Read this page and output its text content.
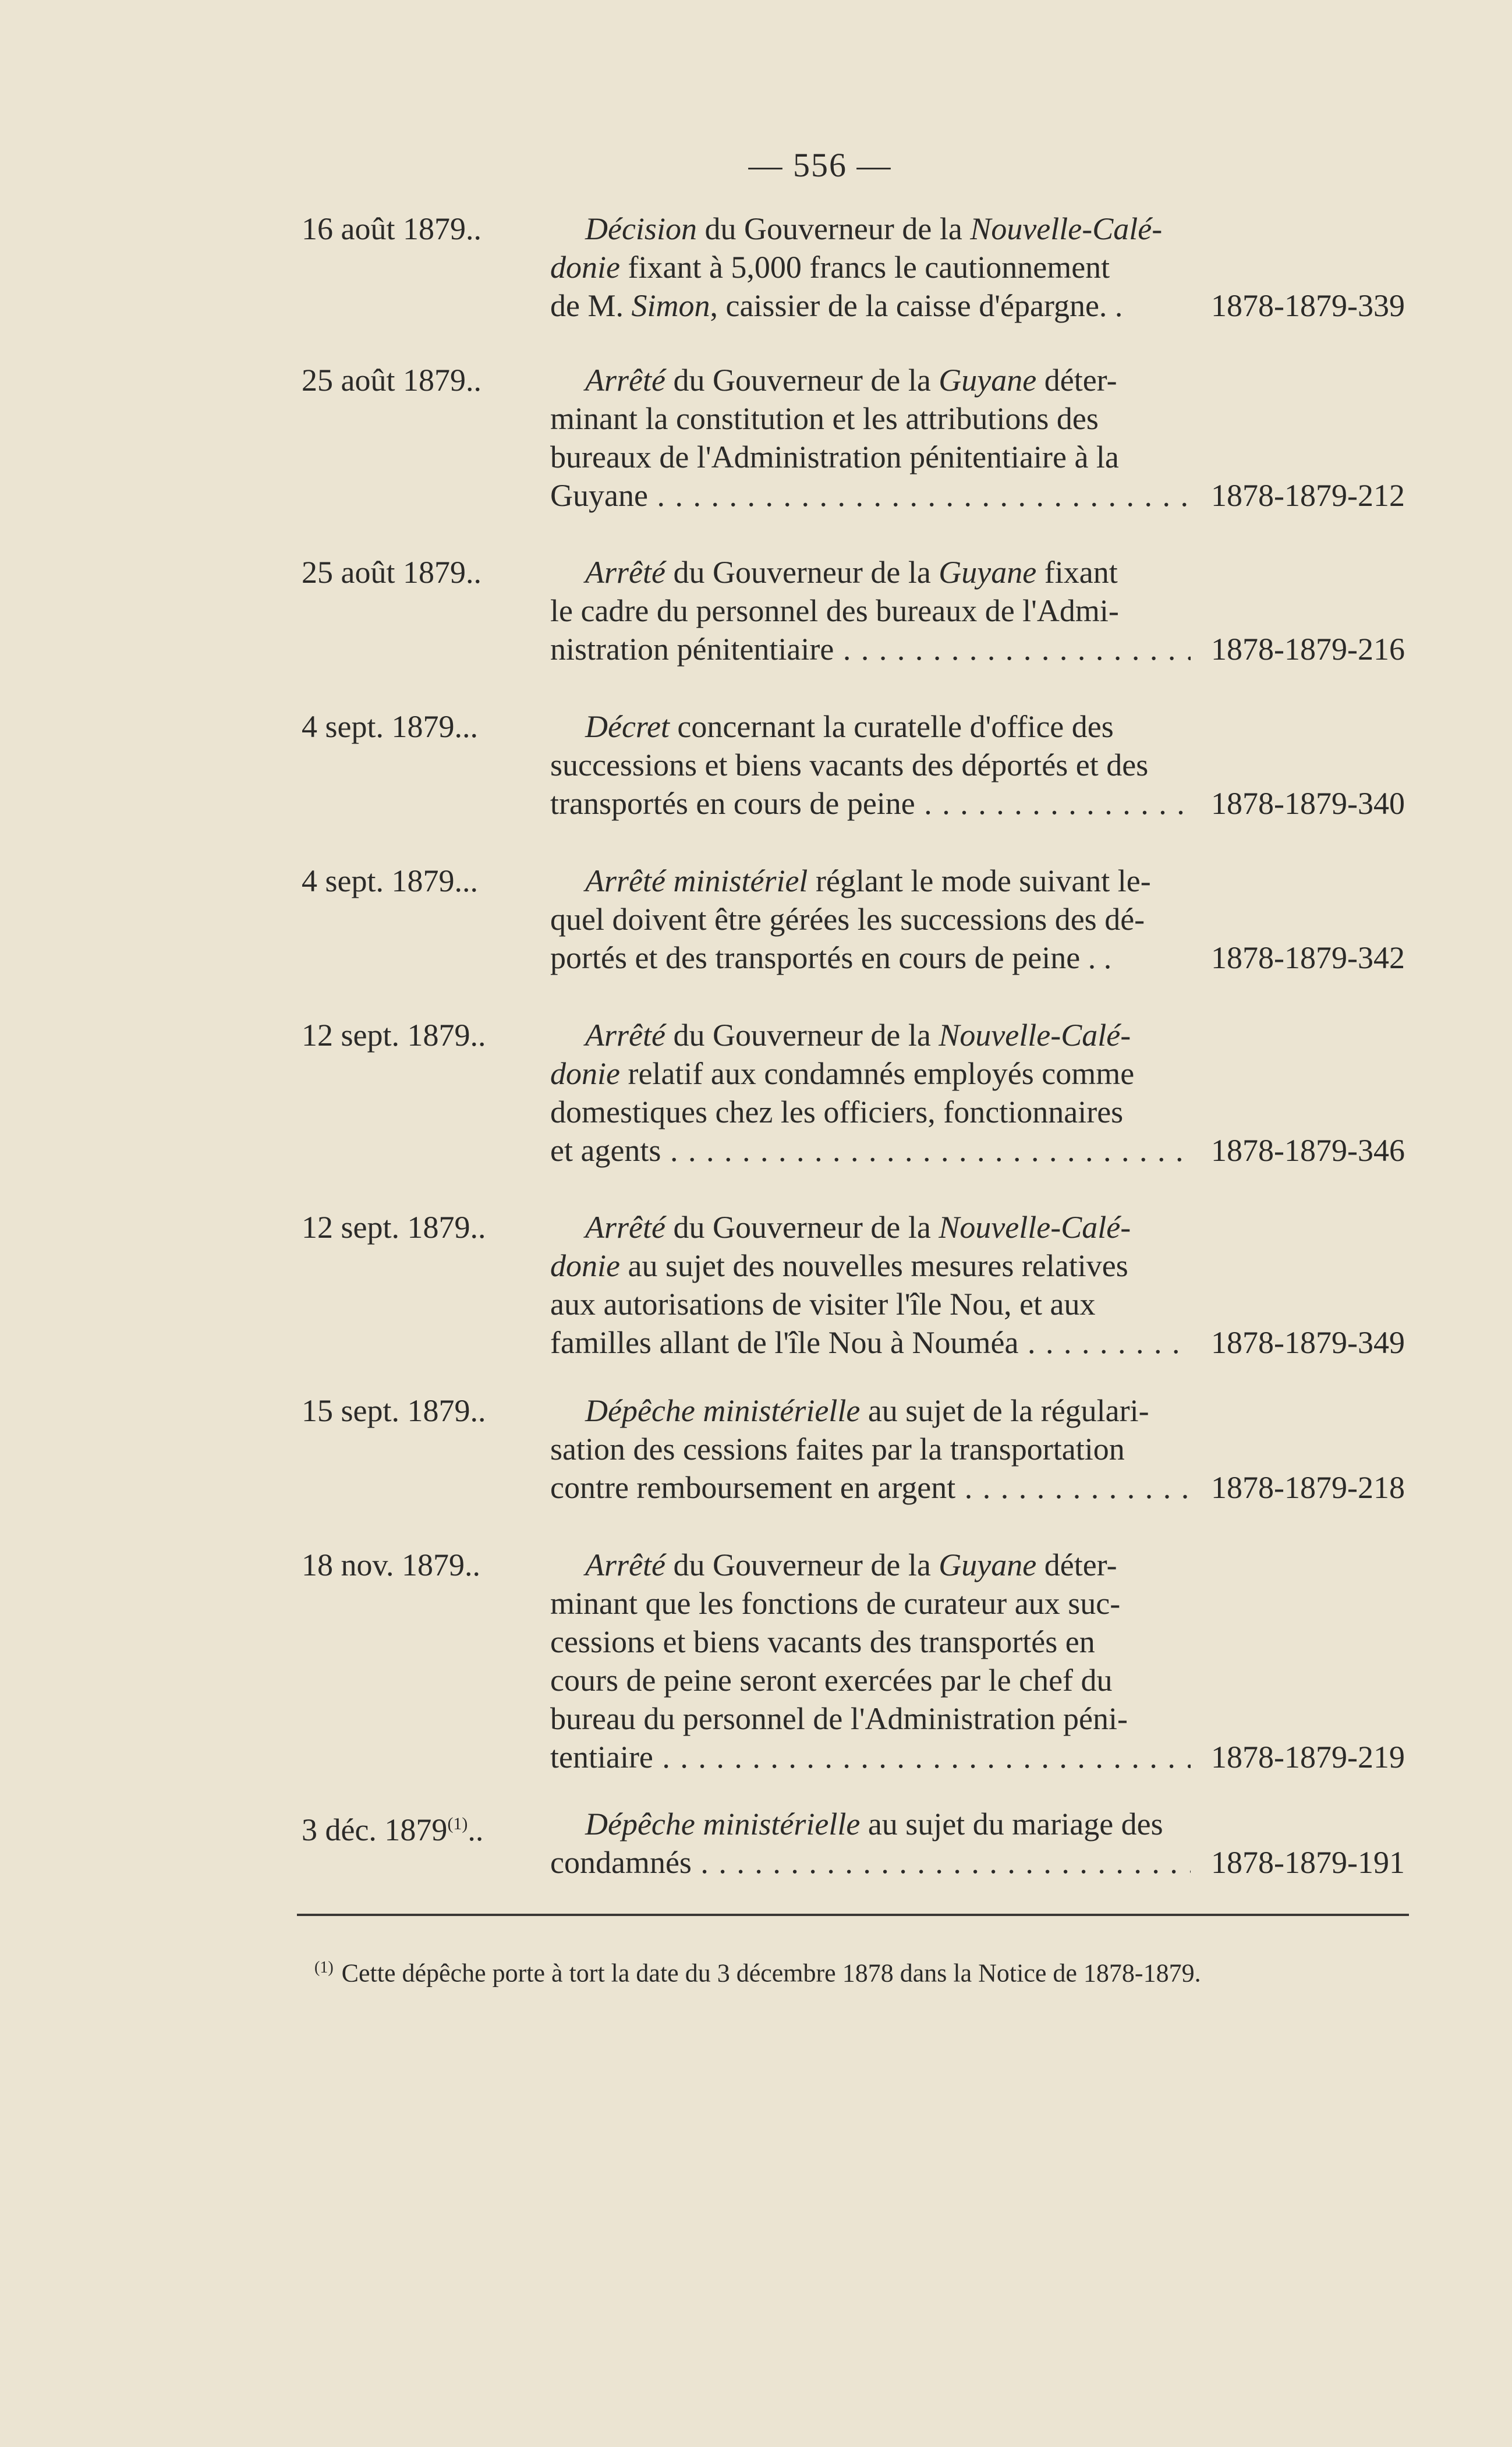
— 556 —
16 août 1879..	Décision du Gouverneur de la Nouvelle-Calé-
donie fixant à 5,000 francs le cautionnement
de M. Simon, caissier de la caisse d'épargne. .	1878-1879-339
25 août 1879..	Arrêté du Gouverneur de la Guyane déter-
minant la constitution et les attributions des
bureaux de l'Administration pénitentiaire à la
Guyane . . .	1878-1879-212
25 août 1879..	Arrêté du Gouverneur de la Guyane fixant
le cadre du personnel des bureaux de l'Admi-
nistration pénitentiaire . . .	1878-1879-216
4 sept. 1879...	Décret concernant la curatelle d'office des
successions et biens vacants des déportés et des
transportés en cours de peine . . .	1878-1879-340
4 sept. 1879...	Arrêté ministériel réglant le mode suivant le-
quel doivent être gérées les successions des dé-
portés et des transportés en cours de peine . .	1878-1879-342
12 sept. 1879..	Arrêté du Gouverneur de la Nouvelle-Calé-
donie relatif aux condamnés employés comme
domestiques chez les officiers, fonctionnaires
et agents . . .	1878-1879-346
12 sept. 1879..	Arrêté du Gouverneur de la Nouvelle-Calé-
donie au sujet des nouvelles mesures relatives
aux autorisations de visiter l'île Nou, et aux
familles allant de l'île Nou à Nouméa . . .	1878-1879-349
15 sept. 1879..	Dépêche ministérielle au sujet de la régulari-
sation des cessions faites par la transportation
contre remboursement en argent . . .	1878-1879-218
18 nov. 1879..	Arrêté du Gouverneur de la Guyane déter-
minant que les fonctions de curateur aux suc-
cessions et biens vacants des transportés en
cours de peine seront exercées par le chef du
bureau du personnel de l'Administration péni-
tentiaire . . .	1878-1879-219
3 déc. 1879$^{(1)}$..	Dépêche ministérielle au sujet du mariage des
condamnés . . .	1878-1879-191
$^{(1)}$ Cette dépêche porte à tort la date du 3 décembre 1878 dans la Notice de 1878-1879.
